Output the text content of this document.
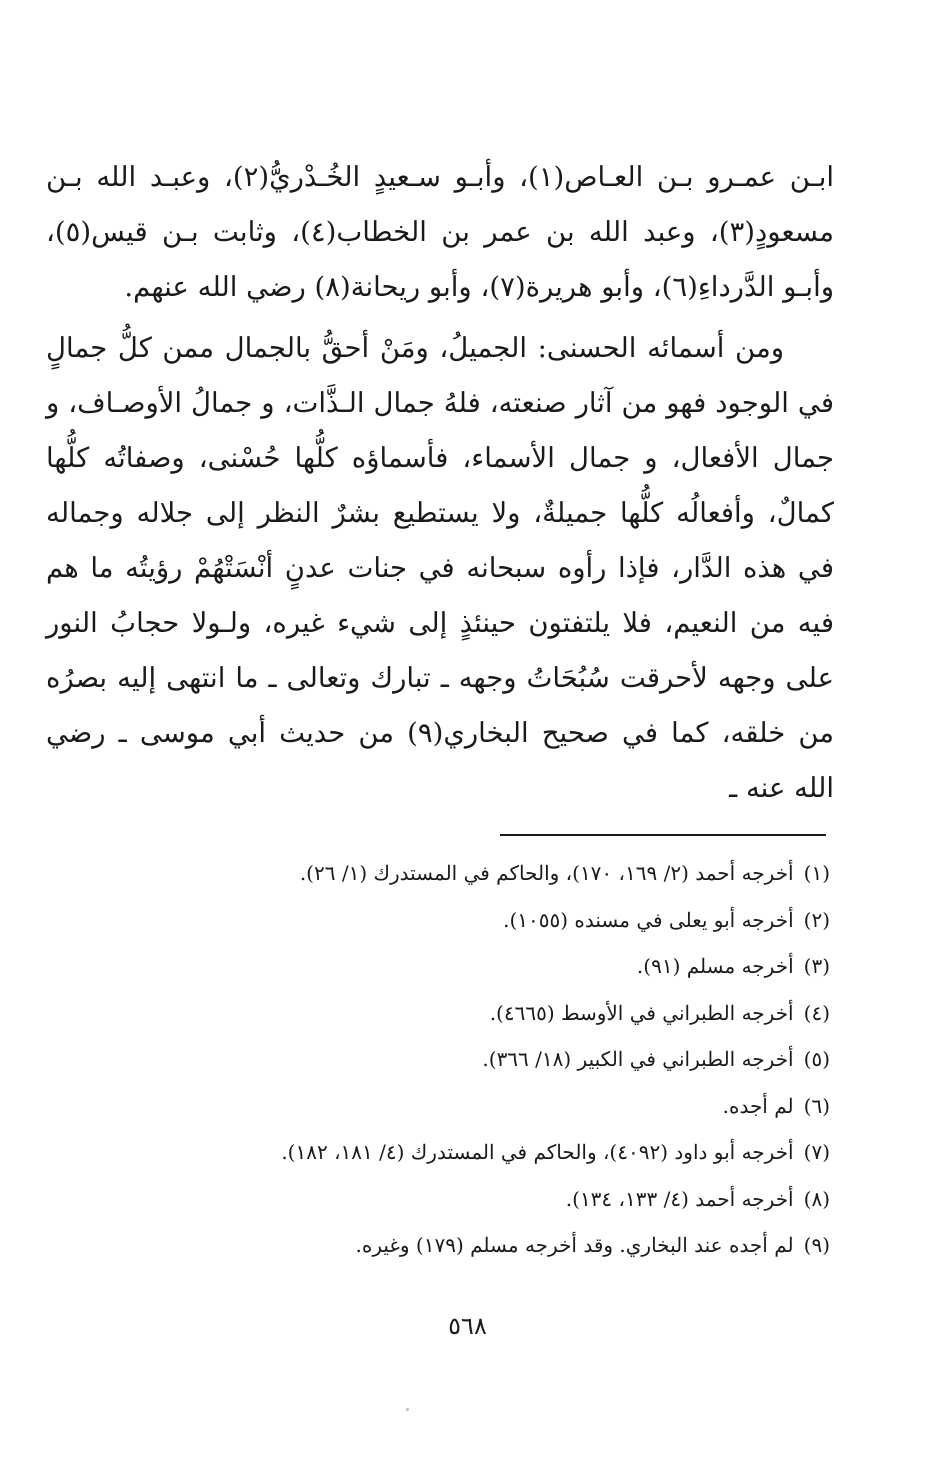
ابـن عمـرو بـن العـاص(١)، وأبـو سـعيدٍ الخُـدْريُّ(٢)، وعبـد الله بـن مسعودٍ(٣)، وعبد الله بن عمر بن الخطاب(٤)، وثابت بـن قيس(٥)، وأبـو الدَّرداءِ(٦)، وأبو هريرة(٧)، وأبو ريحانة(٨) رضي الله عنهم.

ومن أسمائه الحسنى: الجميلُ، ومَنْ أحقُّ بالجمال ممن كلُّ جمالٍ في الوجود فهو من آثار صنعته، فلهُ جمال الـذَّات، و جمالُ الأوصـاف، و جمال الأفعال، و جمال الأسماء، فأسماؤه كلُّها حُسْنى، وصفاتُه كلُّها كمالٌ، وأفعالُه كلُّها جميلةٌ، ولا يستطيع بشرٌ النظر إلى جلاله وجماله في هذه الدَّار، فإذا رأوه سبحانه في جنات عدنٍ أنْسَتْهُمْ رؤيتُه ما هم فيه من النعيم، فلا يلتفتون حينئذٍ إلى شيء غيره، ولـولا حجابُ النور على وجهه لأحرقت سُبُحَاتُ وجهه ـ تبارك وتعالى ـ ما انتهى إليه بصرُه من خلقه، كما في صحيح البخاري(٩) من حديث أبي موسى ـ رضي الله عنه ـ

(١)أخرجه أحمد (٢/ ١٦٩، ١٧٠)، والحاكم في المستدرك (١/ ٢٦).
(٢)أخرجه أبو يعلى في مسنده (١٠٥٥).
(٣)أخرجه مسلم (٩١).
(٤)أخرجه الطبراني في الأوسط (٤٦٦٥).
(٥)أخرجه الطبراني في الكبير (١٨/ ٣٦٦).
(٦)لم أجده.
(٧)أخرجه أبو داود (٤٠٩٢)، والحاكم في المستدرك (٤/ ١٨١، ١٨٢).
(٨)أخرجه أحمد (٤/ ١٣٣، ١٣٤).
(٩)لم أجده عند البخاري. وقد أخرجه مسلم (١٧٩) وغيره.
٥٦٨
